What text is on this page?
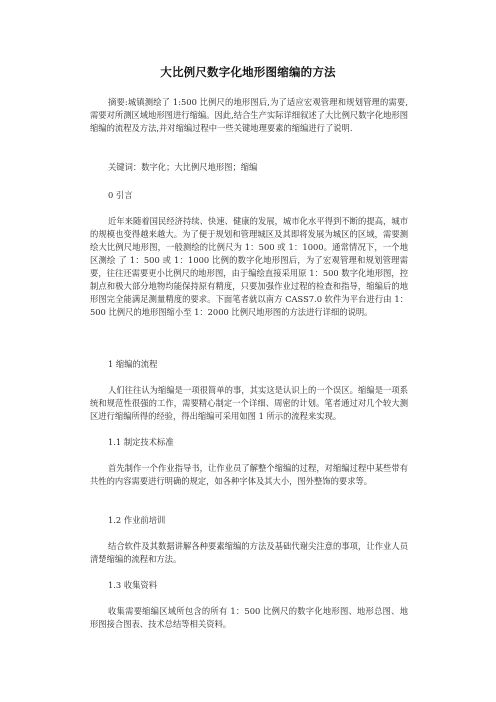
大比例尺数字化地形图缩编的方法
摘要:城镇测绘了 1:500 比例尺的地形图后,为了适应宏观管理和规划管理的需要,需要对所测区域地形图进行缩编。因此,结合生产实际详细叙述了大比例尺数字化地形图缩编的流程及方法,并对缩编过程中一些关键地理要素的缩编进行了说明.
关键词：数字化；大比例尺地形图；缩编
0 引言
近年来随着国民经济持续、快速、健康的发展，城市化水平得到不断的提高，城市的规模也变得越来越大。为了便于规划和管理城区及其即将发展为城区的区域，需要测绘大比例尺地形图，一般测绘的比例尺为 1：500 或 1：1000。通常情况下，一个地区测绘 了 1：500 或 1：1000 比例的数字化地形图后，为了宏观管理和规划管理需要，往往还需要更小比例尺的地形图，由于编绘直接采用原 1：500 数字化地形图，控制点和极大部分地物均能保持原有精度，只要加强作业过程的检查和指导，缩编后的地形图完全能满足测量精度的要求。下面笔者就以南方 CASS7.0 软件为平台进行由 1：500 比例尺的地形图缩小至 1：2000 比例尺地形图的方法进行详细的说明。
1 缩编的流程
人们往往认为缩编是一项很简单的事，其实这是认识上的一个误区。缩编是一项系统和规范性很强的工作，需要精心制定一个详细、周密的计划。笔者通过对几个较大测区进行缩编所得的经验，得出缩编可采用如图 1 所示的流程来实现。
1.1 制定技术标准
首先制作一个作业指导书，让作业员了解整个缩编的过程，对缩编过程中某些带有共性的内容需要进行明确的规定，如各种字体及其大小，图外整饰的要求等。
1.2 作业前培训
结合软件及其数据讲解各种要素缩编的方法及基础代谢尖注意的事项，让作业人员清楚缩编的流程和方法。
1.3 收集资料
收集需要缩编区域所包含的所有 1：500 比例尺的数字化地形图、地形总图、地形图接合图表、技术总结等相关资料。
